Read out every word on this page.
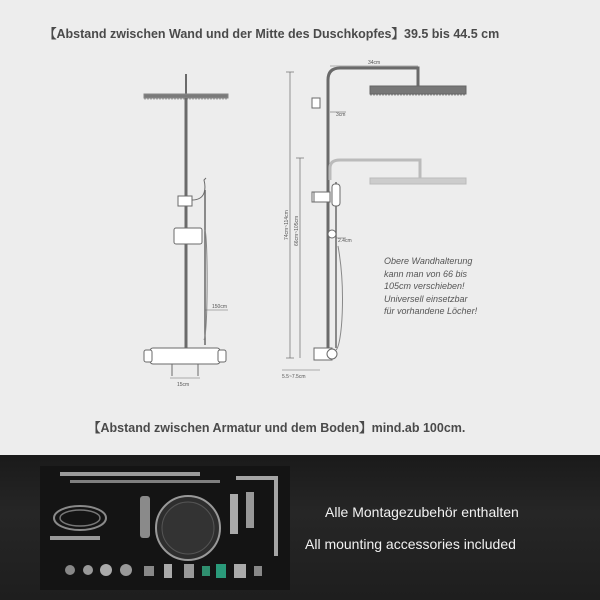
【Abstand zwischen Wand und der Mitte des Duschkopfes】39.5 bis 44.5 cm
15cm
150cm
34cm
3cm
2.4cm
5.5~7.5cm
74cm~114cm 66cm~105cm
Obere Wandhalterung
kann man von 66 bis
105cm verschieben!
Universell einsetzbar
für vorhandene Löcher!
【Abstand zwischen Armatur und dem Boden】mind.ab 100cm.
Alle Montagezubehör enthalten
All mounting accessories included
